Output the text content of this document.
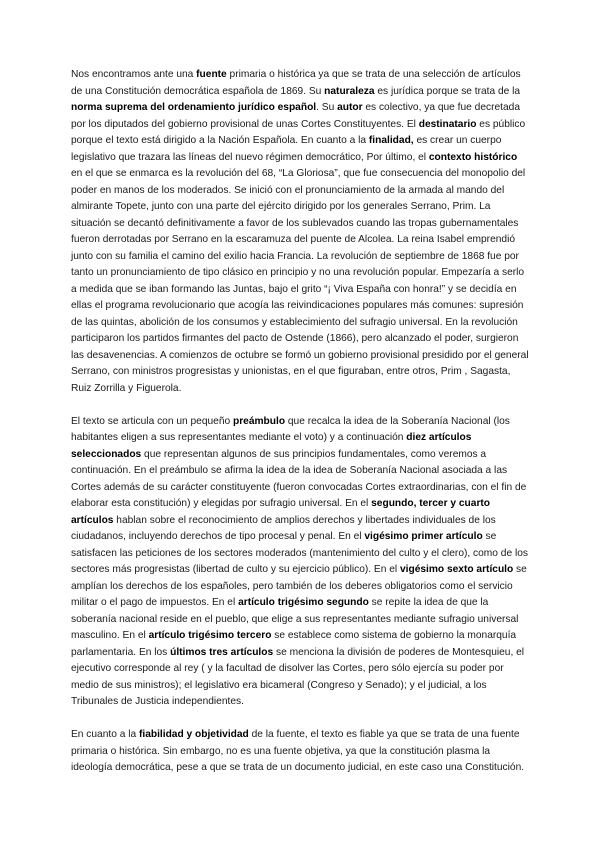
Nos encontramos ante una fuente primaria o histórica ya que se trata de una selección de artículos de una Constitución democrática española de 1869. Su naturaleza es jurídica porque se trata de la norma suprema del ordenamiento jurídico español. Su autor es colectivo, ya que fue decretada por los diputados del gobierno provisional de unas Cortes Constituyentes. El destinatario es público porque el texto está dirigido a la Nación Española. En cuanto a la finalidad, es crear un cuerpo legislativo que trazara las líneas del nuevo régimen democrático, Por último, el contexto histórico en el que se enmarca es la revolución del 68, “La Gloriosa”, que fue consecuencia del monopolio del poder en manos de los moderados. Se inició con el pronunciamiento de la armada al mando del almirante Topete, junto con una parte del ejército dirigido por los generales Serrano, Prim. La situación se decantó definitivamente a favor de los sublevados cuando las tropas gubernamentales fueron derrotadas por Serrano en la escaramuza del puente de Alcolea. La reina Isabel emprendió junto con su familia el camino del exilio hacia Francia. La revolución de septiembre de 1868 fue por tanto un pronunciamiento de tipo clásico en principio y no una revolución popular. Empezaría a serlo a medida que se iban formando las Juntas, bajo el grito “¡ Viva España con honra!” y se decidía en ellas el programa revolucionario que acogía las reivindicaciones populares más comunes: supresión de las quintas, abolición de los consumos y establecimiento del sufragio universal. En la revolución participaron los partidos firmantes del pacto de Ostende (1866), pero alcanzado el poder, surgieron las desavenencias. A comienzos de octubre se formó un gobierno provisional presidido por el general Serrano, con ministros progresistas y unionistas, en el que figuraban, entre otros, Prim , Sagasta, Ruiz Zorrilla y Figuerola.

El texto se articula con un pequeño preámbulo que recalca la idea de la Soberanía Nacional (los habitantes eligen a sus representantes mediante el voto) y a continuación diez artículos seleccionados que representan algunos de sus principios fundamentales, como veremos a continuación. En el preámbulo se afirma la idea de la idea de Soberanía Nacional asociada a las Cortes además de su carácter constituyente (fueron convocadas Cortes extraordinarias, con el fin de elaborar esta constitución) y elegidas por sufragio universal. En el segundo, tercer y cuarto artículos hablan sobre el reconocimiento de amplios derechos y libertades individuales de los ciudadanos, incluyendo derechos de tipo procesal y penal. En el vigésimo primer artículo se satisfacen las peticiones de los sectores moderados (mantenimiento del culto y el clero), como de los sectores más progresistas (libertad de culto y su ejercicio público). En el vigésimo sexto artículo se amplían los derechos de los españoles, pero también de los deberes obligatorios como el servicio militar o el pago de impuestos. En el artículo trigésimo segundo se repite la idea de que la soberanía nacional reside en el pueblo, que elige a sus representantes mediante sufragio universal masculino. En el artículo trigésimo tercero se establece como sistema de gobierno la monarquía parlamentaria. En los últimos tres artículos se menciona la división de poderes de Montesquieu, el ejecutivo corresponde al rey ( y la facultad de disolver las Cortes, pero sólo ejercía su poder por medio de sus ministros); el legislativo era bicameral (Congreso y Senado); y el judicial, a los Tribunales de Justicia independientes.

En cuanto a la fiabilidad y objetividad de la fuente, el texto es fiable ya que se trata de una fuente primaria o histórica. Sin embargo, no es una fuente objetiva, ya que la constitución plasma la ideología democrática, pese a que se trata de un documento judicial, en este caso una Constitución.
